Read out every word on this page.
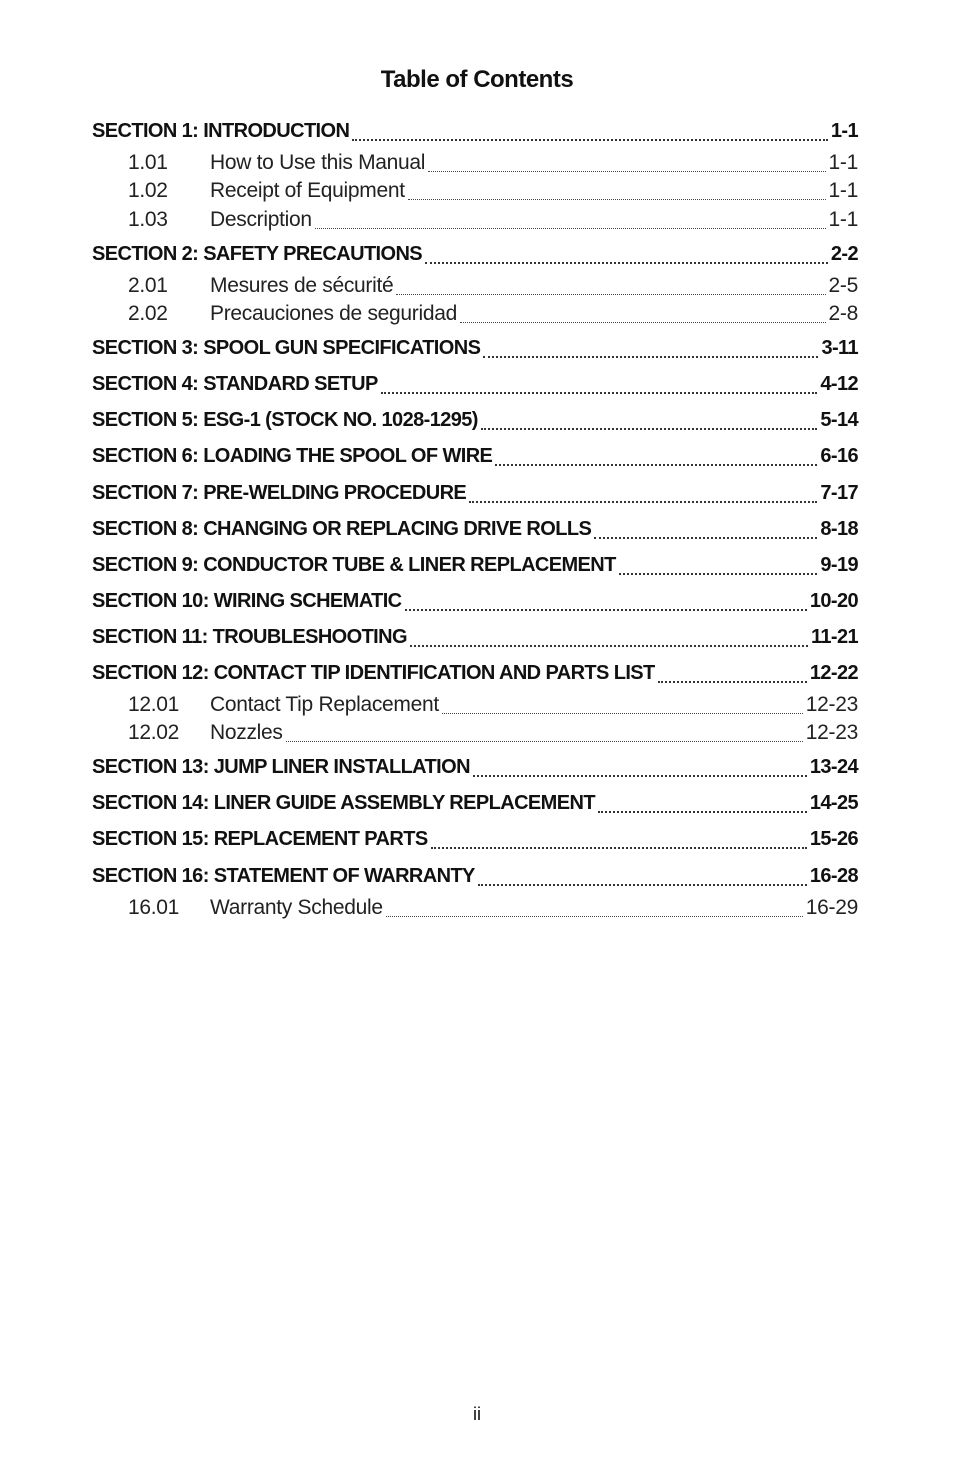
Table of Contents
SECTION 1: INTRODUCTION	1-1
1.01	How to Use this Manual	1-1
1.02	Receipt of Equipment	1-1
1.03	Description	1-1
SECTION 2: SAFETY PRECAUTIONS	2-2
2.01	Mesures de sécurité	2-5
2.02	Precauciones de seguridad	2-8
SECTION 3: SPOOL GUN SPECIFICATIONS	3-11
SECTION 4: STANDARD SETUP	4-12
SECTION 5: ESG-1 (STOCK NO. 1028-1295)	5-14
SECTION 6: LOADING THE SPOOL OF WIRE	6-16
SECTION 7: PRE-WELDING PROCEDURE	7-17
SECTION 8: CHANGING OR REPLACING DRIVE ROLLS	8-18
SECTION 9: CONDUCTOR TUBE & LINER REPLACEMENT	9-19
SECTION 10: WIRING SCHEMATIC	10-20
SECTION 11: TROUBLESHOOTING	11-21
SECTION 12: CONTACT TIP IDENTIFICATION AND PARTS LIST	12-22
12.01	Contact Tip Replacement	12-23
12.02	Nozzles	12-23
SECTION 13: JUMP LINER INSTALLATION	13-24
SECTION 14: LINER GUIDE ASSEMBLY REPLACEMENT	14-25
SECTION 15: REPLACEMENT PARTS	15-26
SECTION 16: STATEMENT OF WARRANTY	16-28
16.01	Warranty Schedule	16-29
ii
